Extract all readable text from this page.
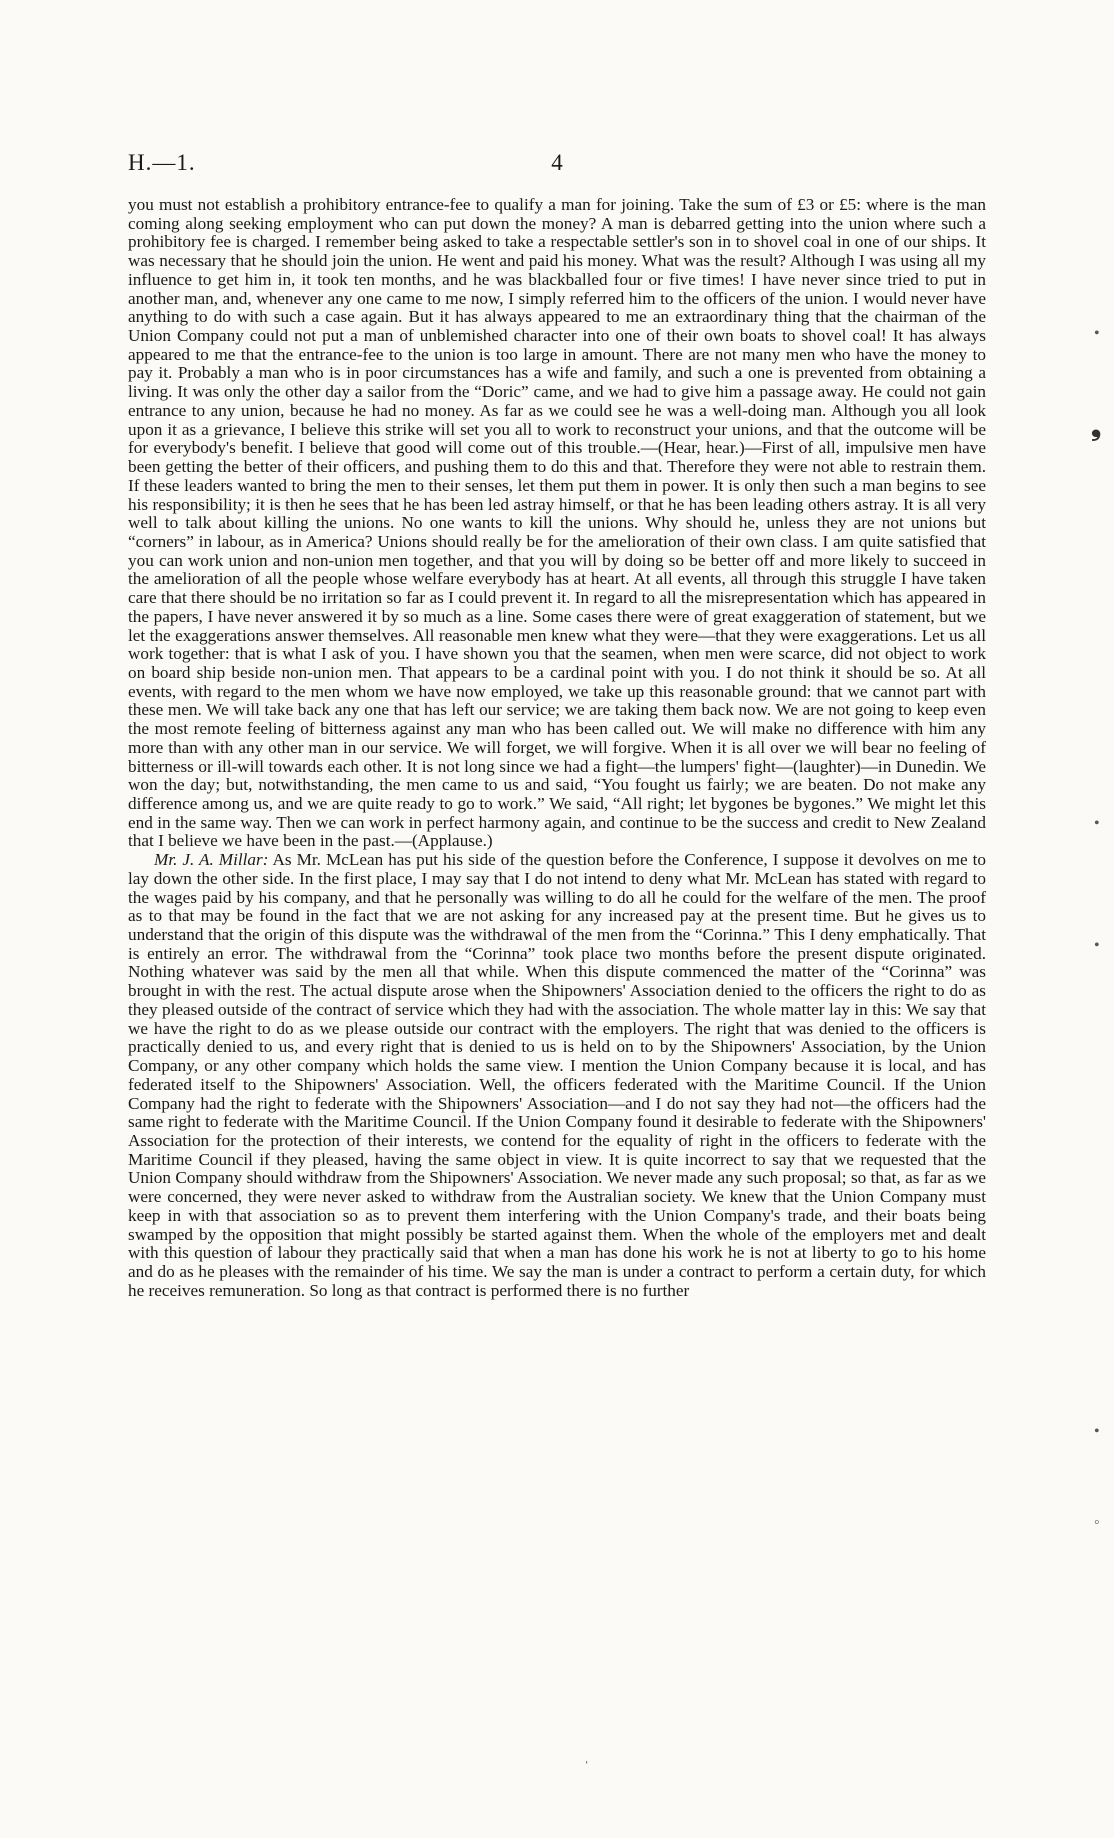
H.—1.	4

you must not establish a prohibitory entrance-fee to qualify a man for joining. Take the sum of £3 or £5: where is the man coming along seeking employment who can put down the money? A man is debarred getting into the union where such a prohibitory fee is charged. I remember being asked to take a respectable settler's son in to shovel coal in one of our ships. It was necessary that he should join the union. He went and paid his money. What was the result? Although I was using all my influence to get him in, it took ten months, and he was blackballed four or five times! I have never since tried to put in another man, and, whenever any one came to me now, I simply referred him to the officers of the union. I would never have anything to do with such a case again. But it has always appeared to me an extraordinary thing that the chairman of the Union Company could not put a man of unblemished character into one of their own boats to shovel coal! It has always appeared to me that the entrance-fee to the union is too large in amount. There are not many men who have the money to pay it. Probably a man who is in poor circumstances has a wife and family, and such a one is prevented from obtaining a living. It was only the other day a sailor from the “Doric” came, and we had to give him a passage away. He could not gain entrance to any union, because he had no money. As far as we could see he was a well-doing man. Although you all look upon it as a grievance, I believe this strike will set you all to work to reconstruct your unions, and that the outcome will be for everybody's benefit. I believe that good will come out of this trouble.—(Hear, hear.)—First of all, impulsive men have been getting the better of their officers, and pushing them to do this and that. Therefore they were not able to restrain them. If these leaders wanted to bring the men to their senses, let them put them in power. It is only then such a man begins to see his responsibility; it is then he sees that he has been led astray himself, or that he has been leading others astray. It is all very well to talk about killing the unions. No one wants to kill the unions. Why should he, unless they are not unions but “corners” in labour, as in America? Unions should really be for the amelioration of their own class. I am quite satisfied that you can work union and non-union men together, and that you will by doing so be better off and more likely to succeed in the amelioration of all the people whose welfare everybody has at heart. At all events, all through this struggle I have taken care that there should be no irritation so far as I could prevent it. In regard to all the misrepresentation which has appeared in the papers, I have never answered it by so much as a line. Some cases there were of great exaggeration of statement, but we let the exaggerations answer themselves. All reasonable men knew what they were—that they were exaggerations. Let us all work together: that is what I ask of you. I have shown you that the seamen, when men were scarce, did not object to work on board ship beside non-union men. That appears to be a cardinal point with you. I do not think it should be so. At all events, with regard to the men whom we have now employed, we take up this reasonable ground: that we cannot part with these men. We will take back any one that has left our service; we are taking them back now. We are not going to keep even the most remote feeling of bitterness against any man who has been called out. We will make no difference with him any more than with any other man in our service. We will forget, we will forgive. When it is all over we will bear no feeling of bitterness or ill-will towards each other. It is not long since we had a fight—the lumpers' fight—(laughter)—in Dunedin. We won the day; but, notwithstanding, the men came to us and said, “You fought us fairly; we are beaten. Do not make any difference among us, and we are quite ready to go to work.” We said, “All right; let bygones be bygones.” We might let this end in the same way. Then we can work in perfect harmony again, and continue to be the success and credit to New Zealand that I believe we have been in the past.—(Applause.)

Mr. J. A. Millar: As Mr. McLean has put his side of the question before the Conference, I suppose it devolves on me to lay down the other side. In the first place, I may say that I do not intend to deny what Mr. McLean has stated with regard to the wages paid by his company, and that he personally was willing to do all he could for the welfare of the men. The proof as to that may be found in the fact that we are not asking for any increased pay at the present time. But he gives us to understand that the origin of this dispute was the withdrawal of the men from the “Corinna.” This I deny emphatically. That is entirely an error. The withdrawal from the “Corinna” took place two months before the present dispute originated. Nothing whatever was said by the men all that while. When this dispute commenced the matter of the “Corinna” was brought in with the rest. The actual dispute arose when the Shipowners' Association denied to the officers the right to do as they pleased outside of the contract of service which they had with the association. The whole matter lay in this: We say that we have the right to do as we please outside our contract with the employers. The right that was denied to the officers is practically denied to us, and every right that is denied to us is held on to by the Shipowners' Association, by the Union Company, or any other company which holds the same view. I mention the Union Company because it is local, and has federated itself to the Shipowners' Association. Well, the officers federated with the Maritime Council. If the Union Company had the right to federate with the Shipowners' Association—and I do not say they had not—the officers had the same right to federate with the Maritime Council. If the Union Company found it desirable to federate with the Shipowners' Association for the protection of their interests, we contend for the equality of right in the officers to federate with the Maritime Council if they pleased, having the same object in view. It is quite incorrect to say that we requested that the Union Company should withdraw from the Shipowners' Association. We never made any such proposal; so that, as far as we were concerned, they were never asked to withdraw from the Australian society. We knew that the Union Company must keep in with that association so as to prevent them interfering with the Union Company's trade, and their boats being swamped by the opposition that might possibly be started against them. When the whole of the employers met and dealt with this question of labour they practically said that when a man has done his work he is not at liberty to go to his home and do as he pleases with the remainder of his time. We say the man is under a contract to perform a certain duty, for which he receives remuneration. So long as that contract is performed there is no further

•
❟
•
•
•
◦
ˈ
